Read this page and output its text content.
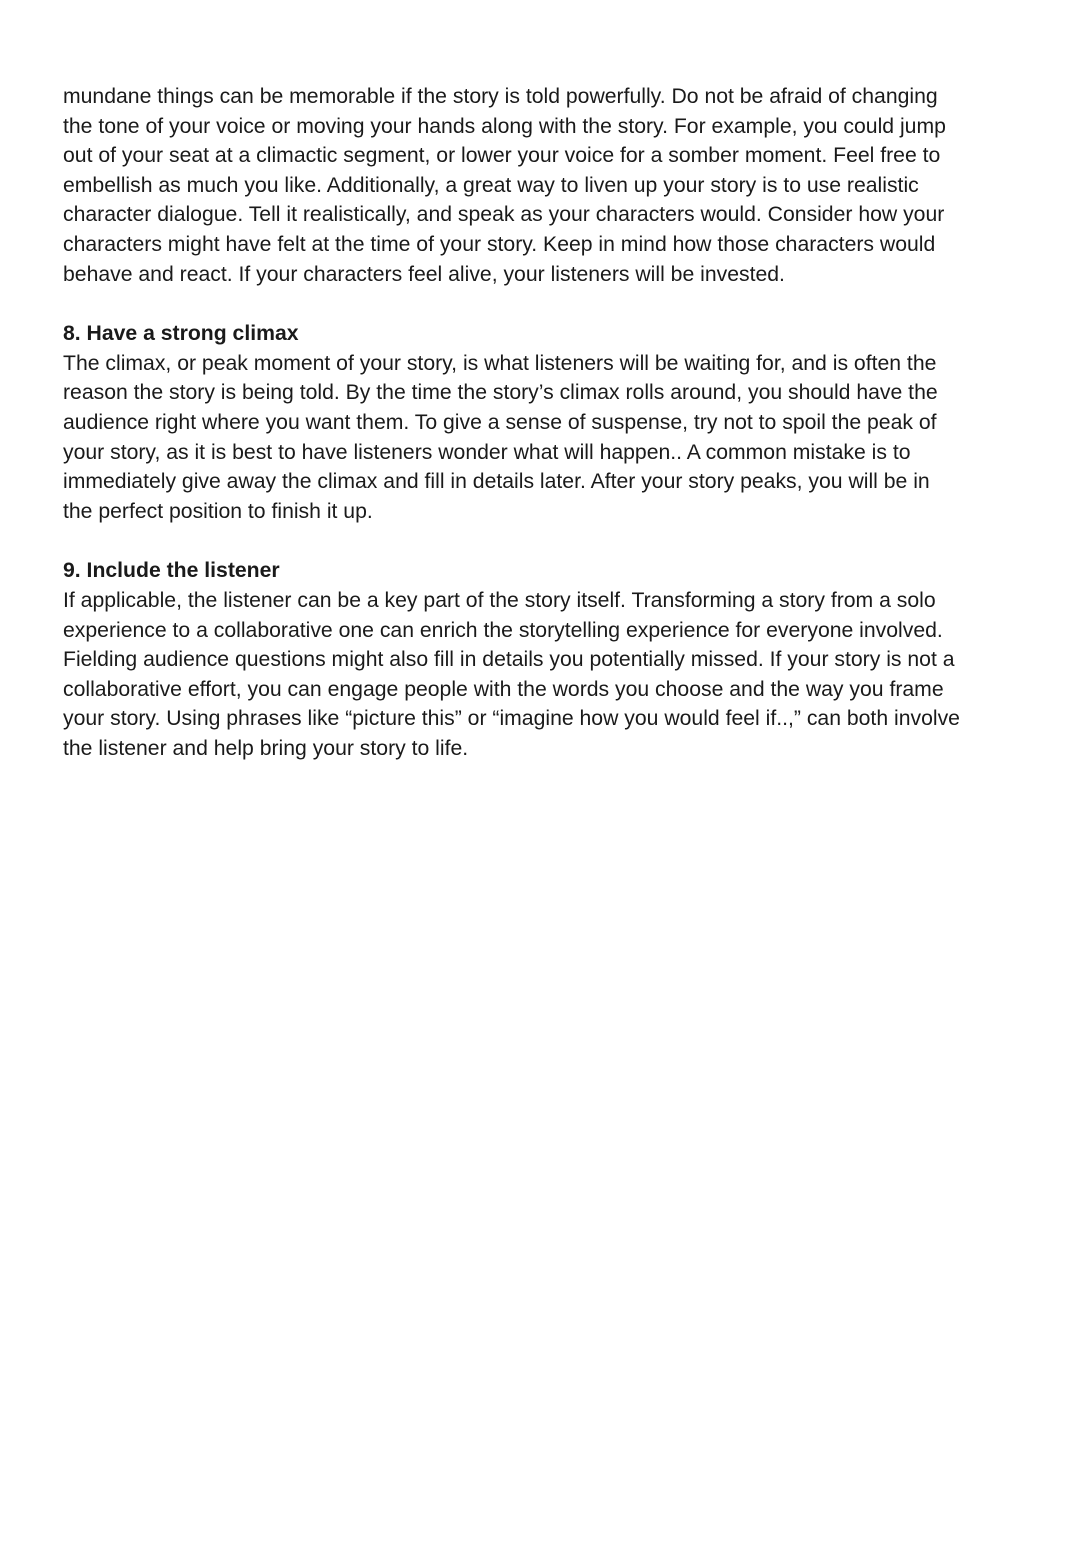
mundane things can be memorable if the story is told powerfully. Do not be afraid of changing
the tone of your voice or moving your hands along with the story. For example, you could jump
out of your seat at a climactic segment, or lower your voice for a somber moment. Feel free to
embellish as much you like. Additionally, a great way to liven up your story is to use realistic
character dialogue. Tell it realistically, and speak as your characters would. Consider how your
characters might have felt at the time of your story. Keep in mind how those characters would
behave and react. If your characters feel alive, your listeners will be invested.

8. Have a strong climax

The climax, or peak moment of your story, is what listeners will be waiting for, and is often the
reason the story is being told. By the time the story’s climax rolls around, you should have the
audience right where you want them. To give a sense of suspense, try not to spoil the peak of
your story, as it is best to have listeners wonder what will happen.. A common mistake is to
immediately give away the climax and fill in details later. After your story peaks, you will be in
the perfect position to finish it up.

9. Include the listener

If applicable, the listener can be a key part of the story itself. Transforming a story from a solo
experience to a collaborative one can enrich the storytelling experience for everyone involved.
Fielding audience questions might also fill in details you potentially missed. If your story is not a
collaborative effort, you can engage people with the words you choose and the way you frame
your story. Using phrases like “picture this” or “imagine how you would feel if..,” can both involve
the listener and help bring your story to life.
